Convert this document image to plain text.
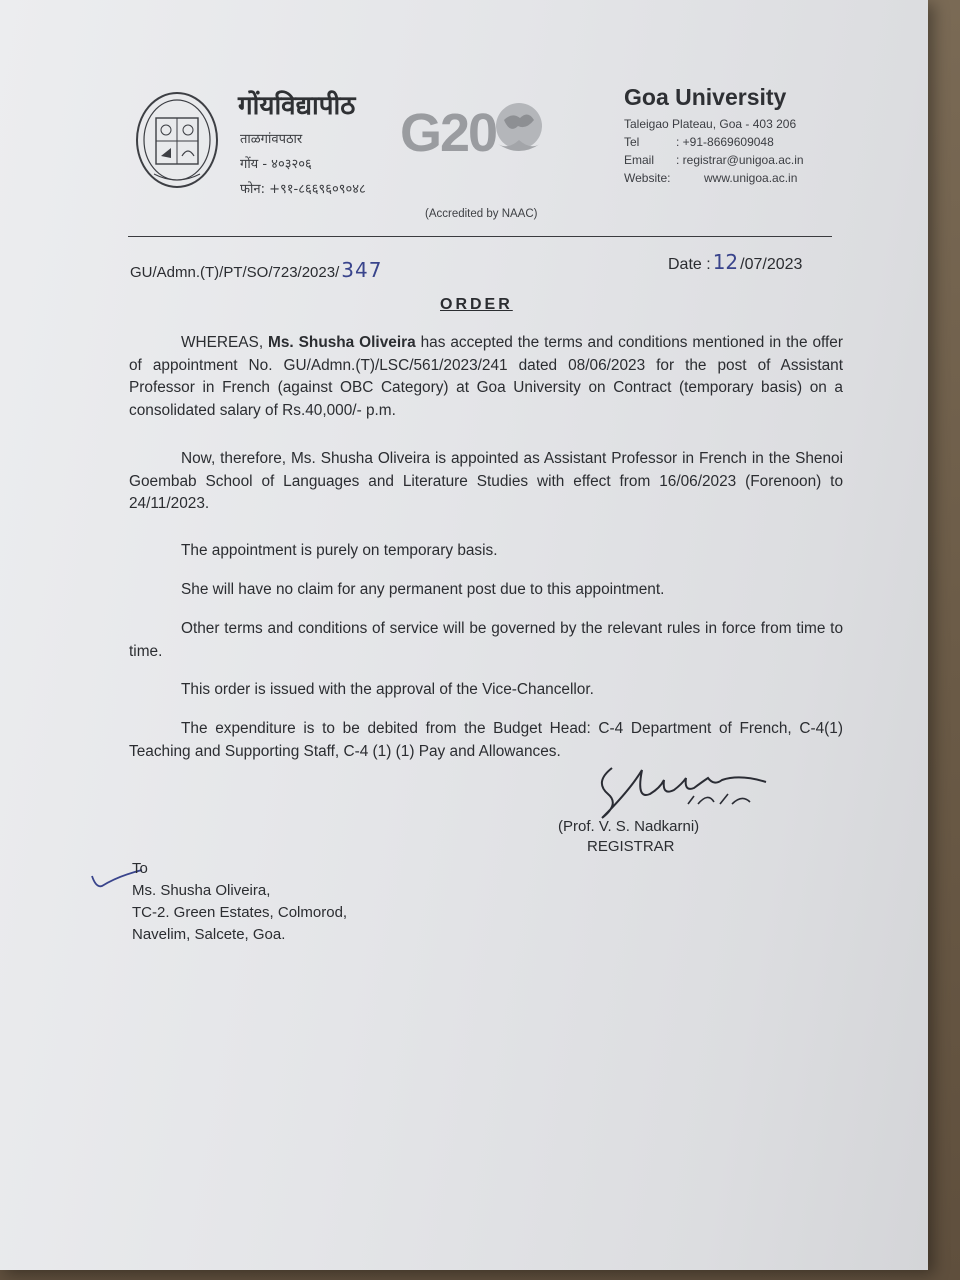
गोंयविद्यापीठ
ताळगांवपठार
गोंय - ४०३२०६
फोन: +९१-८६६९६०९०४८
G20
Goa University
Taleigao Plateau, Goa - 403 206
Tel	: +91-8669609048
Email : registrar@unigoa.ac.in
Website:	www.unigoa.ac.in
(Accredited by NAAC)
GU/Admn.(T)/PT/SO/723/2023/ 347	Date : 12 /07/2023
ORDER
WHEREAS, Ms. Shusha Oliveira has accepted the terms and conditions mentioned in the offer of appointment No. GU/Admn.(T)/LSC/561/2023/241 dated 08/06/2023 for the post of Assistant Professor in French (against OBC Category) at Goa University on Contract (temporary basis) on a consolidated salary of Rs.40,000/- p.m.
Now, therefore, Ms. Shusha Oliveira is appointed as Assistant Professor in French in the Shenoi Goembab School of Languages and Literature Studies with effect from 16/06/2023 (Forenoon) to 24/11/2023.
The appointment is purely on temporary basis.
She will have no claim for any permanent post due to this appointment.
Other terms and conditions of service will be governed by the relevant rules in force from time to time.
This order is issued with the approval of the Vice-Chancellor.
The expenditure is to be debited from the Budget Head: C-4 Department of French, C-4(1) Teaching and Supporting Staff, C-4 (1) (1) Pay and Allowances.
(Prof. V. S. Nadkarni)
REGISTRAR
To
Ms. Shusha Oliveira,
TC-2. Green Estates, Colmorod,
Navelim, Salcete, Goa.
